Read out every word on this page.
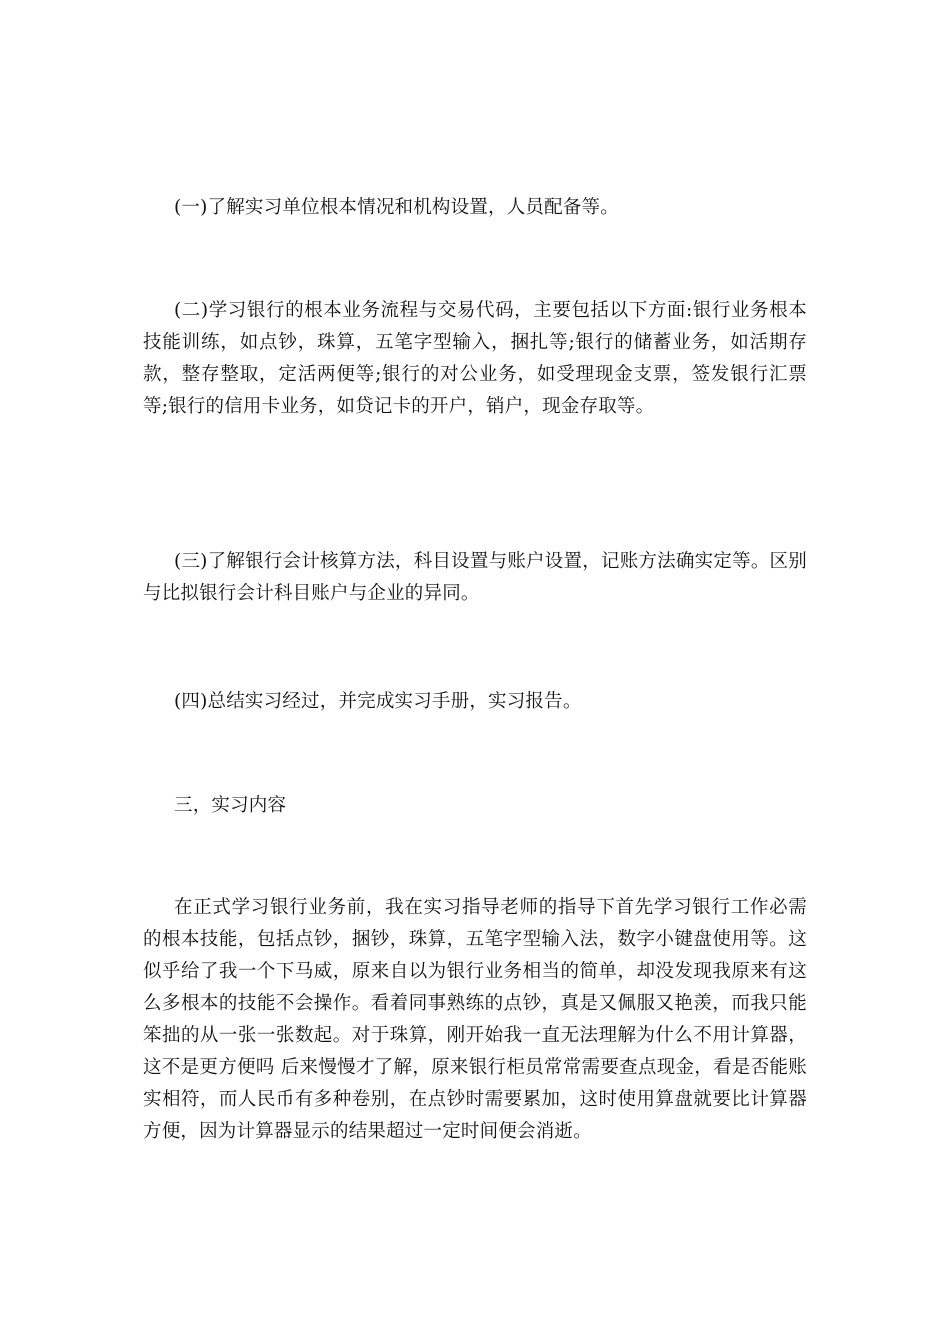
(一)了解实习单位根本情况和机构设置，人员配备等。

(二)学习银行的根本业务流程与交易代码，主要包括以下方面:银行业务根本技能训练，如点钞，珠算，五笔字型输入，捆扎等;银行的储蓄业务，如活期存款，整存整取，定活两便等;银行的对公业务，如受理现金支票，签发银行汇票等;银行的信用卡业务，如贷记卡的开户，销户，现金存取等。

(三)了解银行会计核算方法，科目设置与账户设置，记账方法确实定等。区别与比拟银行会计科目账户与企业的异同。

(四)总结实习经过，并完成实习手册，实习报告。

三，实习内容

在正式学习银行业务前，我在实习指导老师的指导下首先学习银行工作必需的根本技能，包括点钞，捆钞，珠算，五笔字型输入法，数字小键盘使用等。这似乎给了我一个下马威，原来自以为银行业务相当的简单，却没发现我原来有这么多根本的技能不会操作。看着同事熟练的点钞，真是又佩服又艳羡，而我只能笨拙的从一张一张数起。对于珠算，刚开始我一直无法理解为什么不用计算器，这不是更方便吗 后来慢慢才了解，原来银行柜员常常需要查点现金，看是否能账实相符，而人民币有多种卷别，在点钞时需要累加，这时使用算盘就要比计算器方便，因为计算器显示的结果超过一定时间便会消逝。
